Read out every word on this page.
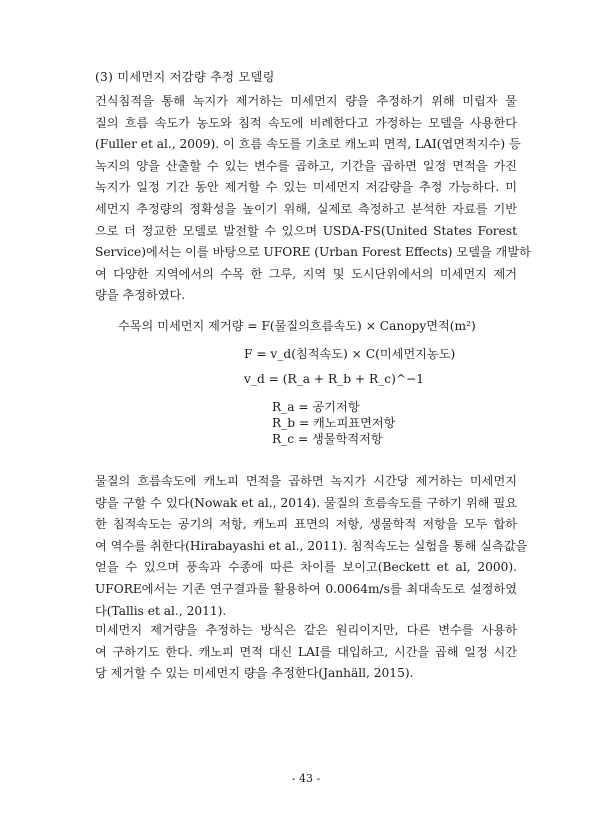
(3) 미세먼지 저감량 추정 모델링
건식침적을 통해 녹지가 제거하는 미세먼지 량을 추정하기 위해 미립자 물
질의 흐름 속도가 농도와 침적 속도에 비례한다고 가정하는 모델을 사용한다
(Fuller et al., 2009). 이 흐름 속도를 기초로 캐노피 면적, LAI(엽면적지수) 등
녹지의 양을 산출할 수 있는 변수를 곱하고, 기간을 곱하면 일정 면적을 가진
녹지가 일정 기간 동안 제거할 수 있는 미세먼지 저감량을 추정 가능하다. 미
세먼지 추정량의 정확성을 높이기 위해, 실제로 측정하고 분석한 자료를 기반
으로 더 정교한 모델로 발전할 수 있으며 USDA-FS(United States Forest
Service)에서는 이를 바탕으로 UFORE (Urban Forest Effects) 모델을 개발하
여 다양한 지역에서의 수목 한 그루, 지역 및 도시단위에서의 미세먼지 제거
량을 추정하였다.
수목의 미세먼지 제거량 = F(물질의흐름속도) × Canopy면적(m²)
F = v_d(침적속도) × C(미세먼지농도)
v_d = (R_a + R_b + R_c)^−1
R_a = 공기저항
R_b = 캐노피표면저항
R_c = 생물학적저항
물질의 흐름속도에 캐노피 면적을 곱하면 녹지가 시간당 제거하는 미세먼지
량을 구할 수 있다(Nowak et al., 2014). 물질의 흐름속도를 구하기 위해 필요
한 침적속도는 공기의 저항, 캐노피 표면의 저항, 생물학적 저항을 모두 합하
여 역수를 취한다(Hirabayashi et al., 2011). 침적속도는 실험을 통해 실측값을
얻을 수 있으며 풍속과 수종에 따른 차이를 보이고(Beckett et al, 2000).
UFORE에서는 기존 연구결과를 활용하여 0.0064m/s를 최대속도로 설정하였
다(Tallis et al., 2011).
미세먼지 제거량을 추정하는 방식은 같은 원리이지만, 다른 변수를 사용하
여 구하기도 한다. 캐노피 면적 대신 LAI를 대입하고, 시간을 곱해 일정 시간
당 제거할 수 있는 미세먼지 량을 추정한다(Janhäll, 2015).
- 43 -
